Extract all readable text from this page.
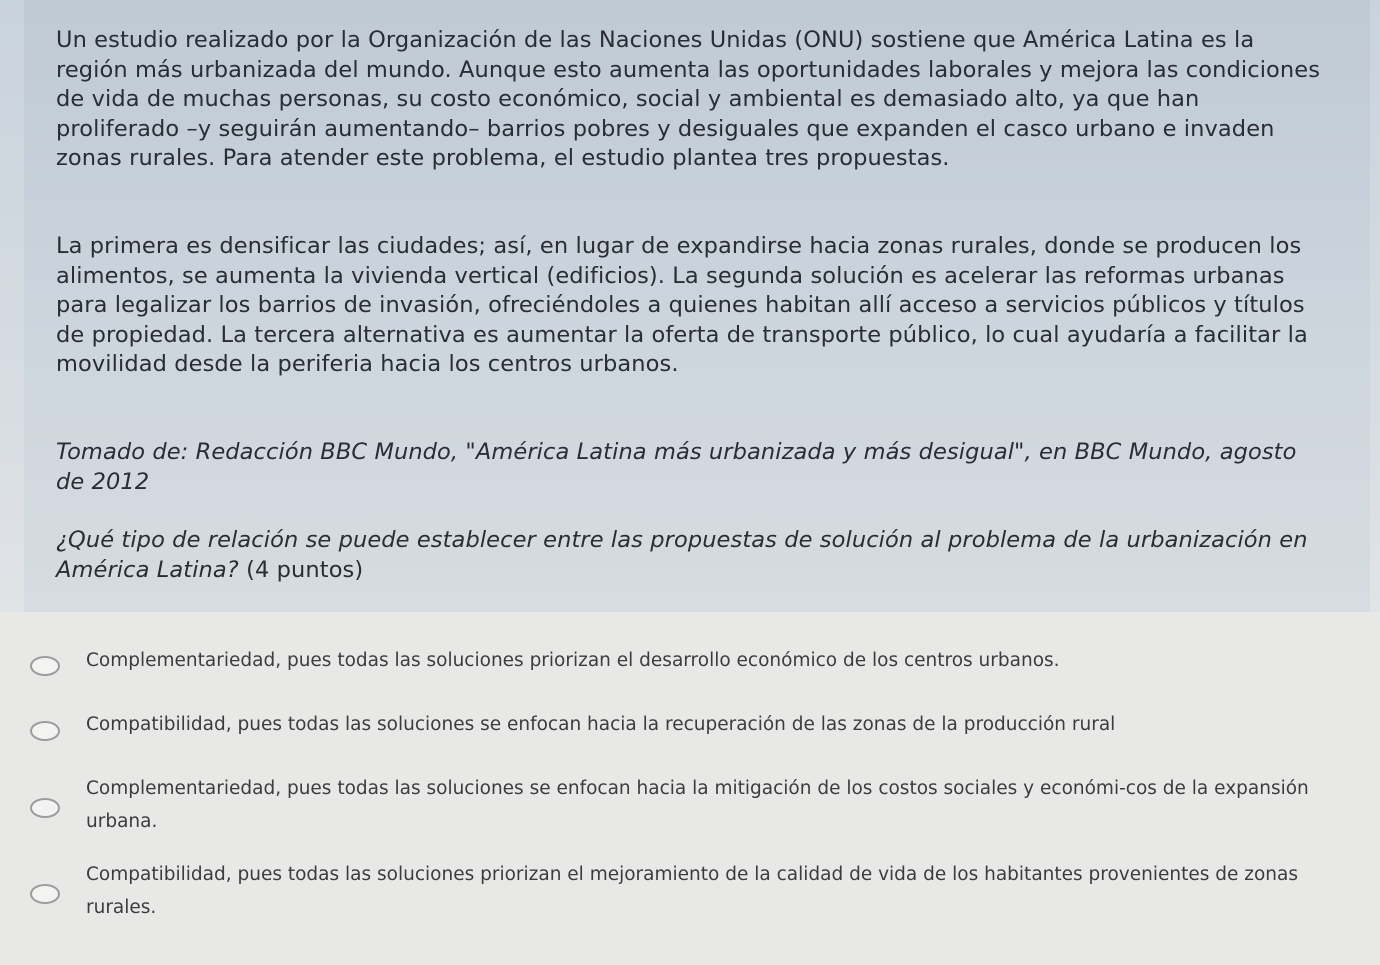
Un estudio realizado por la Organización de las Naciones Unidas (ONU) sostiene que América Latina es la región más urbanizada del mundo. Aunque esto aumenta las oportunidades laborales y mejora las condiciones de vida de muchas personas, su costo económico, social y ambiental es demasiado alto, ya que han proliferado –y seguirán aumentando– barrios pobres y desiguales que expanden el casco urbano e invaden zonas rurales. Para atender este problema, el estudio plantea tres propuestas.

La primera es densificar las ciudades; así, en lugar de expandirse hacia zonas rurales, donde se producen los alimentos, se aumenta la vivienda vertical (edificios). La segunda solución es acelerar las reformas urbanas para legalizar los barrios de invasión, ofreciéndoles a quienes habitan allí acceso a servicios públicos y títulos de propiedad. La tercera alternativa es aumentar la oferta de transporte público, lo cual ayudaría a facilitar la movilidad desde la periferia hacia los centros urbanos.

Tomado de: Redacción BBC Mundo, "América Latina más urbanizada y más desigual", en BBC Mundo, agosto de 2012

¿Qué tipo de relación se puede establecer entre las propuestas de solución al problema de la urbanización en América Latina? (4 puntos)

Complementariedad, pues todas las soluciones priorizan el desarrollo económico de los centros urbanos.

Compatibilidad, pues todas las soluciones se enfocan hacia la recuperación de las zonas de la producción rural

Complementariedad, pues todas las soluciones se enfocan hacia la mitigación de los costos sociales y económi-cos de la expansión urbana.

Compatibilidad, pues todas las soluciones priorizan el mejoramiento de la calidad de vida de los habitantes provenientes de zonas rurales.
